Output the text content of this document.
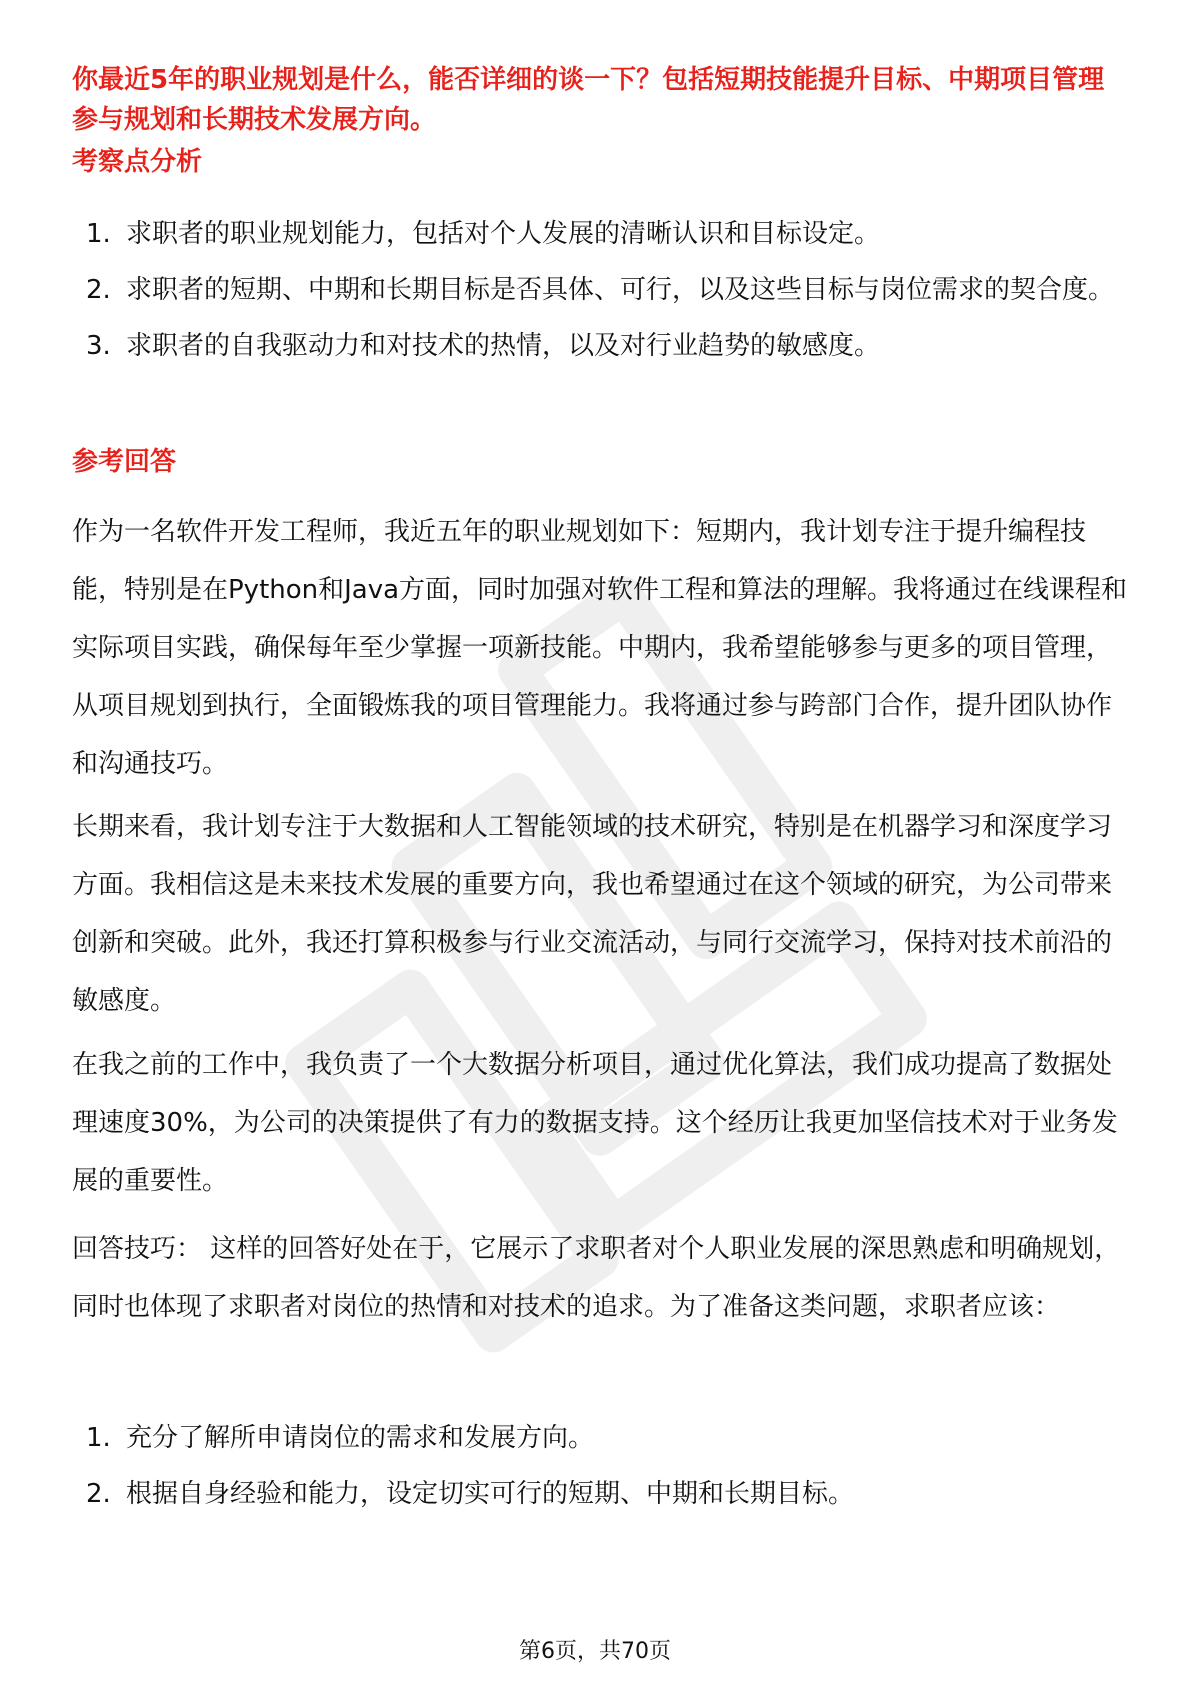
你最近5年的职业规划是什么，能否详细的谈一下？包括短期技能提升目标、中期项目管理参与规划和长期技术发展方向。

考察点分析
1. 求职者的职业规划能力，包括对个人发展的清晰认识和目标设定。
2. 求职者的短期、中期和长期目标是否具体、可行，以及这些目标与岗位需求的契合度。
3. 求职者的自我驱动力和对技术的热情，以及对行业趋势的敏感度。
参考回答

作为一名软件开发工程师，我近五年的职业规划如下：短期内，我计划专注于提升编程技能，特别是在Python和Java方面，同时加强对软件工程和算法的理解。我将通过在线课程和实际项目实践，确保每年至少掌握一项新技能。中期内，我希望能够参与更多的项目管理，从项目规划到执行，全面锻炼我的项目管理能力。我将通过参与跨部门合作，提升团队协作和沟通技巧。

长期来看，我计划专注于大数据和人工智能领域的技术研究，特别是在机器学习和深度学习方面。我相信这是未来技术发展的重要方向，我也希望通过在这个领域的研究，为公司带来创新和突破。此外，我还打算积极参与行业交流活动，与同行交流学习，保持对技术前沿的敏感度。

在我之前的工作中，我负责了一个大数据分析项目，通过优化算法，我们成功提高了数据处理速度30%，为公司的决策提供了有力的数据支持。这个经历让我更加坚信技术对于业务发展的重要性。

回答技巧： 这样的回答好处在于，它展示了求职者对个人职业发展的深思熟虑和明确规划，同时也体现了求职者对岗位的热情和对技术的追求。为了准备这类问题，求职者应该：

1. 充分了解所申请岗位的需求和发展方向。
2. 根据自身经验和能力，设定切实可行的短期、中期和长期目标。
第6页，共70页
